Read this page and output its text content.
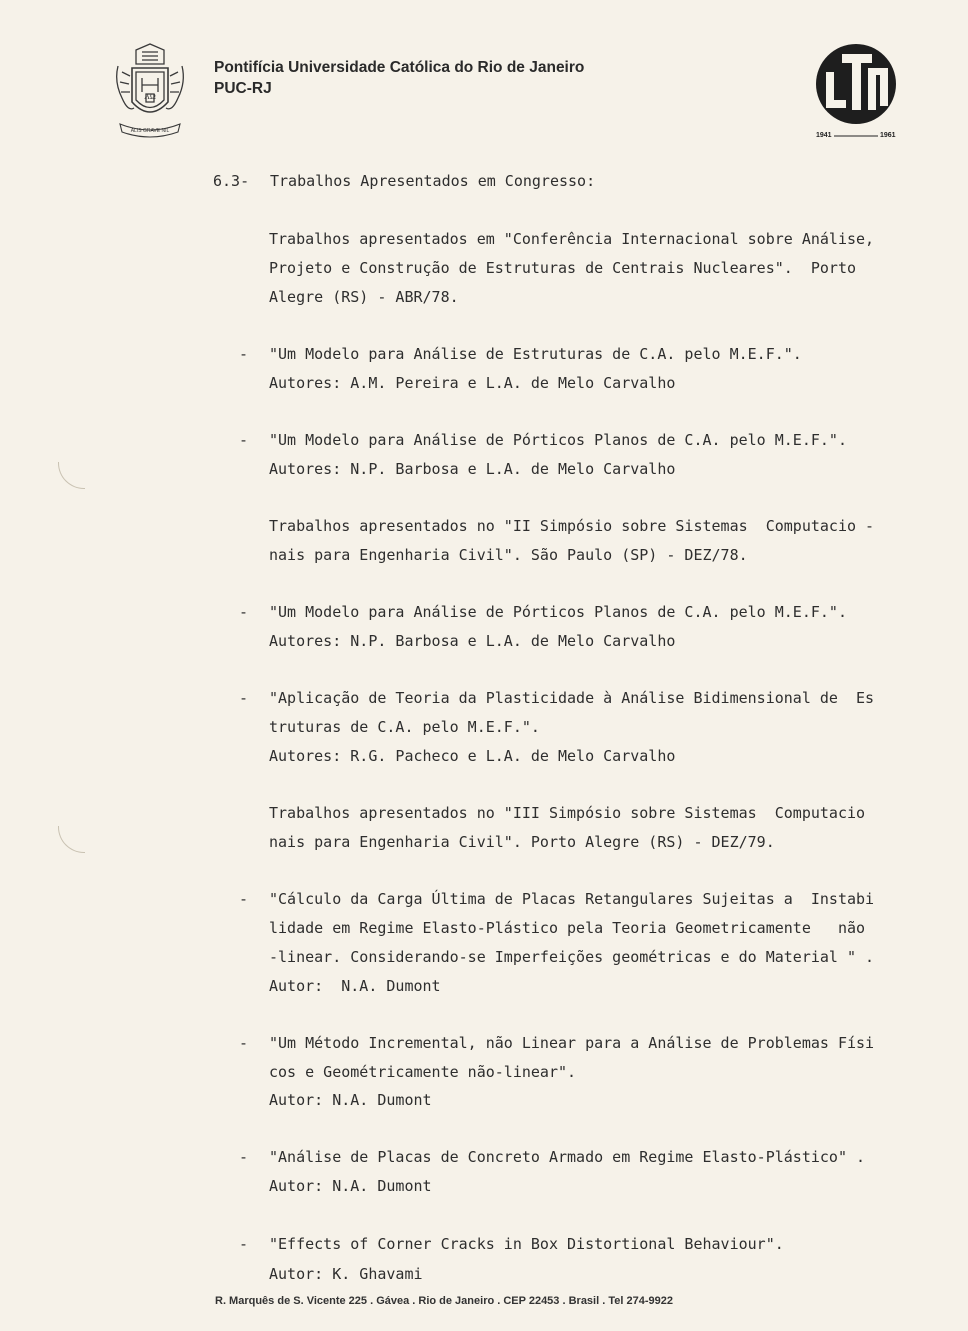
ALIS GRAVE NIL
AΩ
Pontifícia Universidade Católica do Rio de Janeiro
PUC-RJ
1941	1961
6.3- Trabalhos Apresentados em Congresso:
Trabalhos apresentados em "Conferência Internacional sobre Análise,
Projeto e Construção de Estruturas de Centrais Nucleares".  Porto
Alegre (RS) - ABR/78.
- "Um Modelo para Análise de Estruturas de C.A. pelo M.E.F.".
Autores: A.M. Pereira e L.A. de Melo Carvalho
- "Um Modelo para Análise de Pórticos Planos de C.A. pelo M.E.F.".
Autores: N.P. Barbosa e L.A. de Melo Carvalho
Trabalhos apresentados no "II Simpósio sobre Sistemas  Computacio -
nais para Engenharia Civil". São Paulo (SP) - DEZ/78.
- "Um Modelo para Análise de Pórticos Planos de C.A. pelo M.E.F.".
Autores: N.P. Barbosa e L.A. de Melo Carvalho
- "Aplicação de Teoria da Plasticidade à Análise Bidimensional de  Es
truturas de C.A. pelo M.E.F.".
Autores: R.G. Pacheco e L.A. de Melo Carvalho
Trabalhos apresentados no "III Simpósio sobre Sistemas  Computacio
nais para Engenharia Civil". Porto Alegre (RS) - DEZ/79.
- "Cálculo da Carga Última de Placas Retangulares Sujeitas a  Instabi
lidade em Regime Elasto-Plástico pela Teoria Geometricamente   não
-linear. Considerando-se Imperfeições geométricas e do Material " .
Autor:  N.A. Dumont
- "Um Método Incremental, não Linear para a Análise de Problemas Físi
cos e Geométricamente não-linear".
Autor: N.A. Dumont
- "Análise de Placas de Concreto Armado em Regime Elasto-Plástico" .
Autor: N.A. Dumont
- "Effects of Corner Cracks in Box Distortional Behaviour".
Autor: K. Ghavami
R. Marquês de S. Vicente 225 . Gávea . Rio de Janeiro . CEP 22453 . Brasil . Tel 274-9922
